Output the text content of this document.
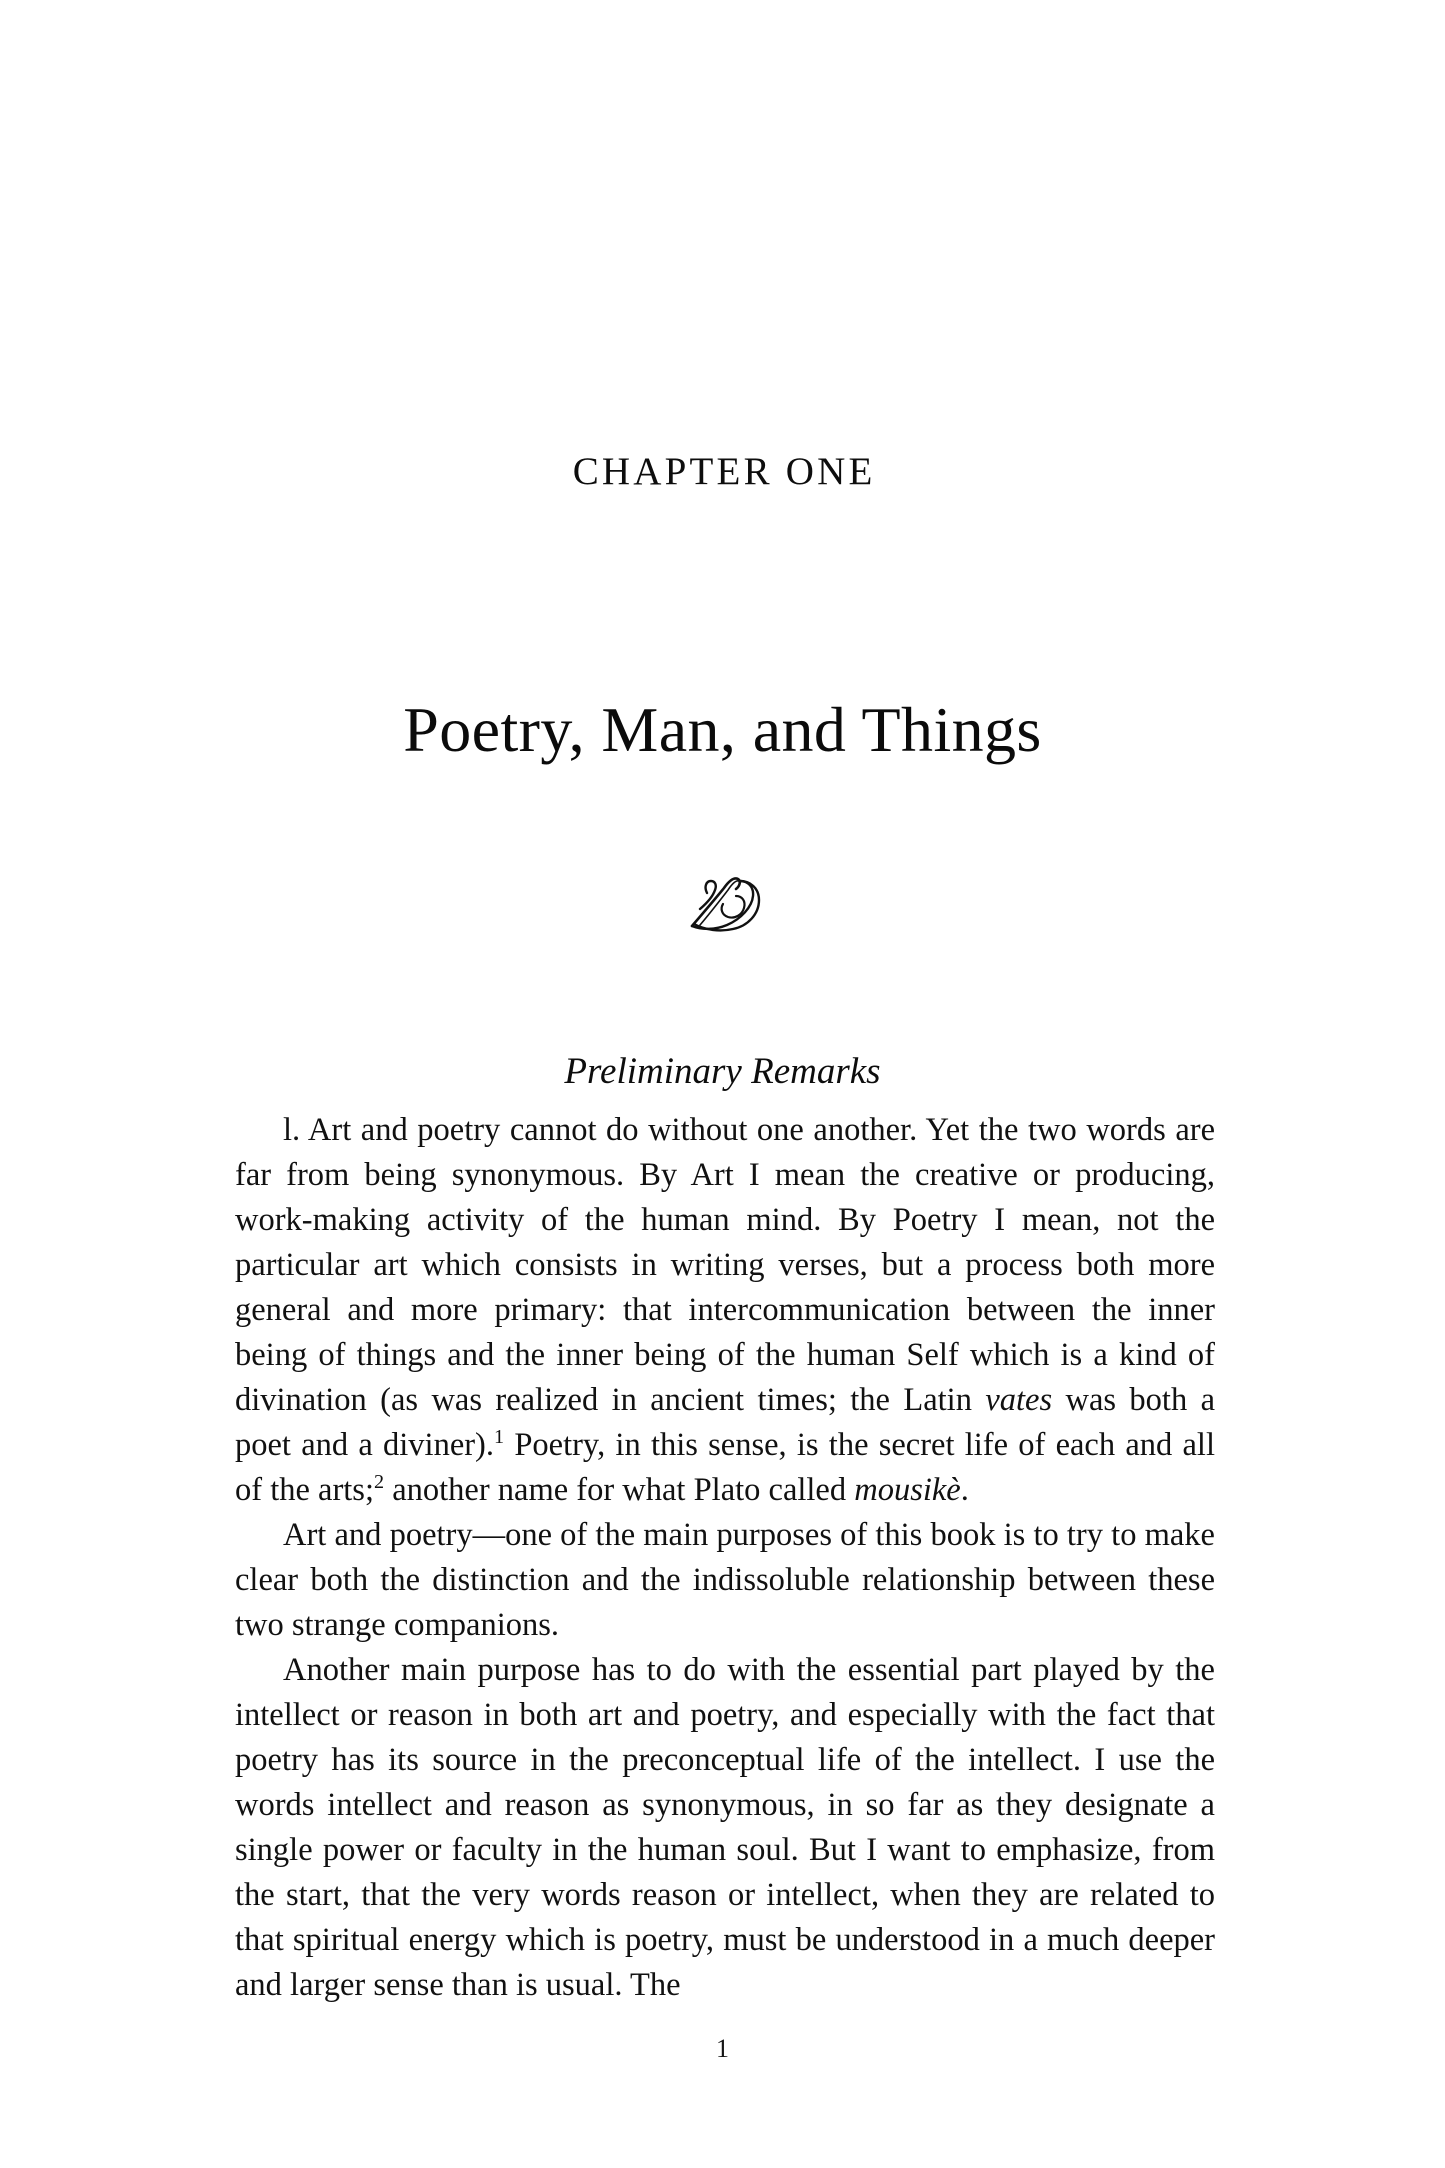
CHAPTER ONE
Poetry, Man, and Things
Preliminary Remarks

l. Art and poetry cannot do without one another. Yet the two words are far from being synonymous. By Art I mean the creative or producing, work-making activity of the human mind. By Poetry I mean, not the particular art which consists in writing verses, but a process both more general and more primary: that intercommunication between the inner being of things and the inner being of the human Self which is a kind of divination (as was realized in ancient times; the Latin vates was both a poet and a diviner).$^1$ Poetry, in this sense, is the secret life of each and all of the arts;$^2$ another name for what Plato called mousikè.

Art and poetry—one of the main purposes of this book is to try to make clear both the distinction and the indissoluble relationship between these two strange companions.

Another main purpose has to do with the essential part played by the intellect or reason in both art and poetry, and especially with the fact that poetry has its source in the preconceptual life of the intellect. I use the words intellect and reason as synonymous, in so far as they designate a single power or faculty in the human soul. But I want to emphasize, from the start, that the very words reason or intellect, when they are related to that spiritual energy which is poetry, must be understood in a much deeper and larger sense than is usual. The

1
